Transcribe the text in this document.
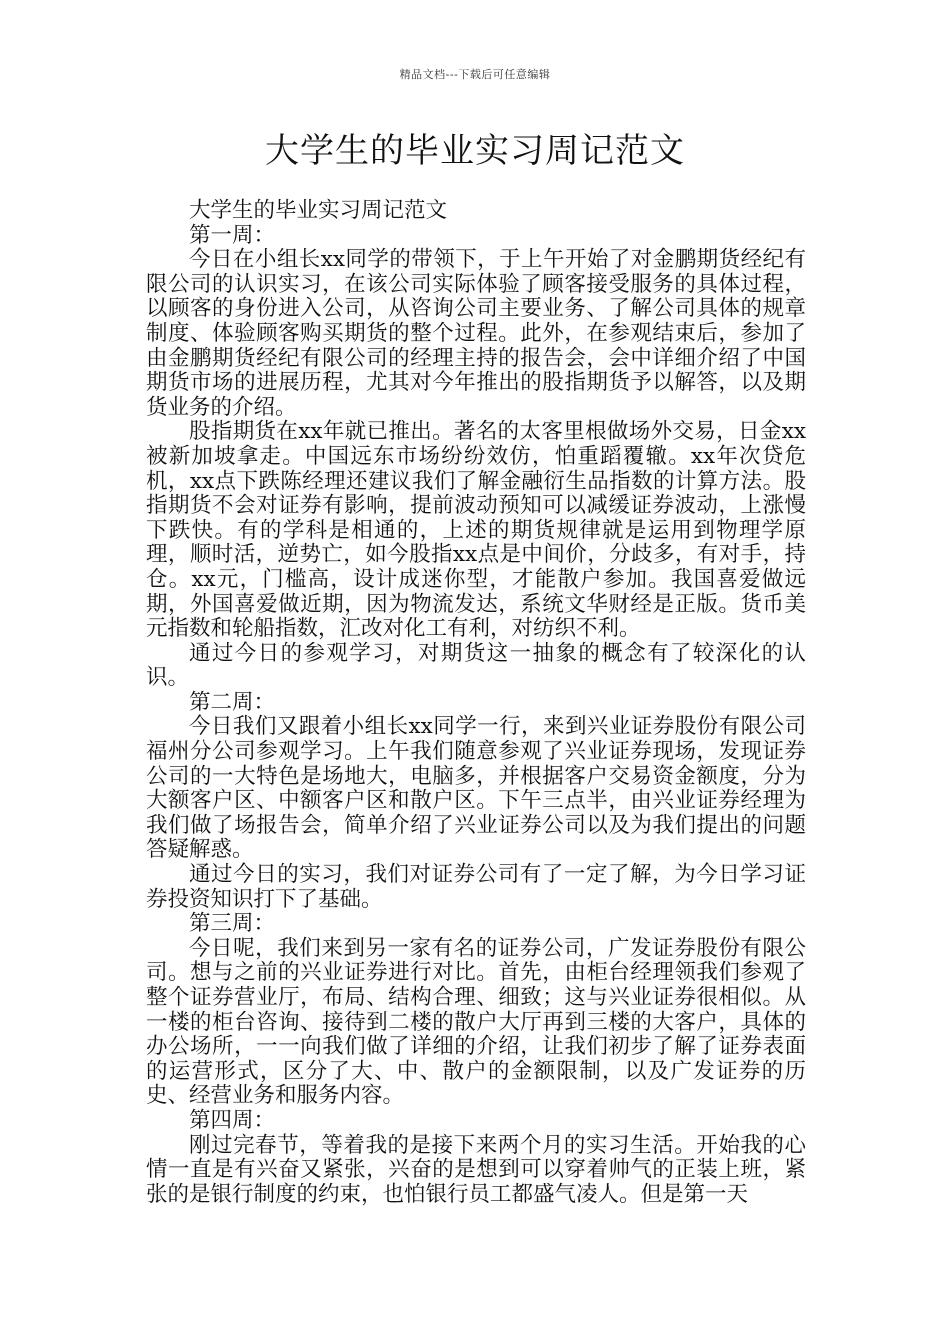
精品文档---下载后可任意编辑
大学生的毕业实习周记范文

大学生的毕业实习周记范文

第一周：

今日在小组长xx同学的带领下，于上午开始了对金鹏期货经纪有限公司的认识实习，在该公司实际体验了顾客接受服务的具体过程，以顾客的身份进入公司，从咨询公司主要业务、了解公司具体的规章制度、体验顾客购买期货的整个过程。此外，在参观结束后，参加了由金鹏期货经纪有限公司的经理主持的报告会，会中详细介绍了中国期货市场的进展历程，尤其对今年推出的股指期货予以解答，以及期货业务的介绍。

股指期货在xx年就已推出。著名的太客里根做场外交易，日金xx被新加坡拿走。中国远东市场纷纷效仿，怕重蹈覆辙。xx年次贷危机，xx点下跌陈经理还建议我们了解金融衍生品指数的计算方法。股指期货不会对证券有影响，提前波动预知可以减缓证券波动，上涨慢下跌快。有的学科是相通的，上述的期货规律就是运用到物理学原理，顺时活，逆势亡，如今股指xx点是中间价，分歧多，有对手，持仓。xx元，门槛高，设计成迷你型，才能散户参加。我国喜爱做远期，外国喜爱做近期，因为物流发达，系统文华财经是正版。货币美元指数和轮船指数，汇改对化工有利，对纺织不利。

通过今日的参观学习，对期货这一抽象的概念有了较深化的认识。

第二周：

今日我们又跟着小组长xx同学一行，来到兴业证券股份有限公司福州分公司参观学习。上午我们随意参观了兴业证券现场，发现证券公司的一大特色是场地大，电脑多，并根据客户交易资金额度，分为大额客户区、中额客户区和散户区。下午三点半，由兴业证券经理为我们做了场报告会，简单介绍了兴业证券公司以及为我们提出的问题答疑解惑。

通过今日的实习，我们对证券公司有了一定了解，为今日学习证券投资知识打下了基础。

第三周：

今日呢，我们来到另一家有名的证券公司，广发证券股份有限公司。想与之前的兴业证券进行对比。首先，由柜台经理领我们参观了整个证券营业厅，布局、结构合理、细致；这与兴业证券很相似。从一楼的柜台咨询、接待到二楼的散户大厅再到三楼的大客户，具体的办公场所，一一向我们做了详细的介绍，让我们初步了解了证券表面的运营形式，区分了大、中、散户的金额限制，以及广发证券的历史、经营业务和服务内容。

第四周：

刚过完春节，等着我的是接下来两个月的实习生活。开始我的心情一直是有兴奋又紧张，兴奋的是想到可以穿着帅气的正装上班，紧张的是银行制度的约束，也怕银行员工都盛气凌人。但是第一天
